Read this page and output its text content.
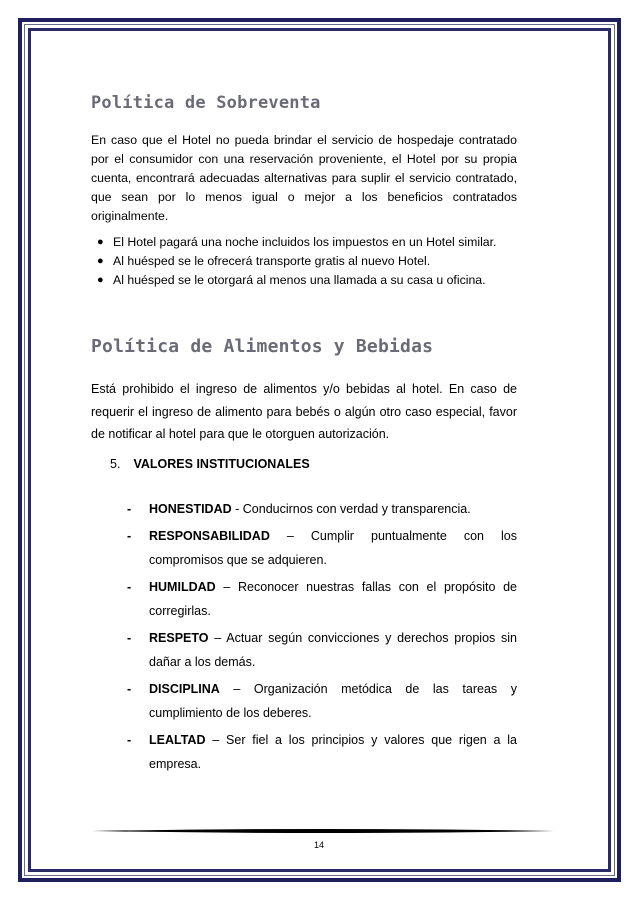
Política de Sobreventa
En caso que el Hotel no pueda brindar el servicio de hospedaje contratado por el consumidor con una reservación proveniente, el Hotel por su propia cuenta, encontrará adecuadas alternativas para suplir el servicio contratado, que sean por lo menos igual o mejor a los beneficios contratados originalmente.
● El Hotel pagará una noche incluidos los impuestos en un Hotel similar.
● Al huésped se le ofrecerá transporte gratis al nuevo Hotel.
● Al huésped se le otorgará al menos una llamada a su casa u oficina.
Política de Alimentos y Bebidas
Está prohibido el ingreso de alimentos y/o bebidas al hotel. En caso de requerir el ingreso de alimento para bebés o algún otro caso especial, favor de notificar al hotel para que le otorguen autorización.
5. VALORES INSTITUCIONALES
- HONESTIDAD - Conducirnos con verdad y transparencia.
- RESPONSABILIDAD – Cumplir puntualmente con los compromisos que se adquieren.
- HUMILDAD – Reconocer nuestras fallas con el propósito de corregirlas.
- RESPETO – Actuar según convicciones y derechos propios sin dañar a los demás.
- DISCIPLINA – Organización metódica de las tareas y cumplimiento de los deberes.
- LEALTAD – Ser fiel a los principios y valores que rigen a la empresa.
14
